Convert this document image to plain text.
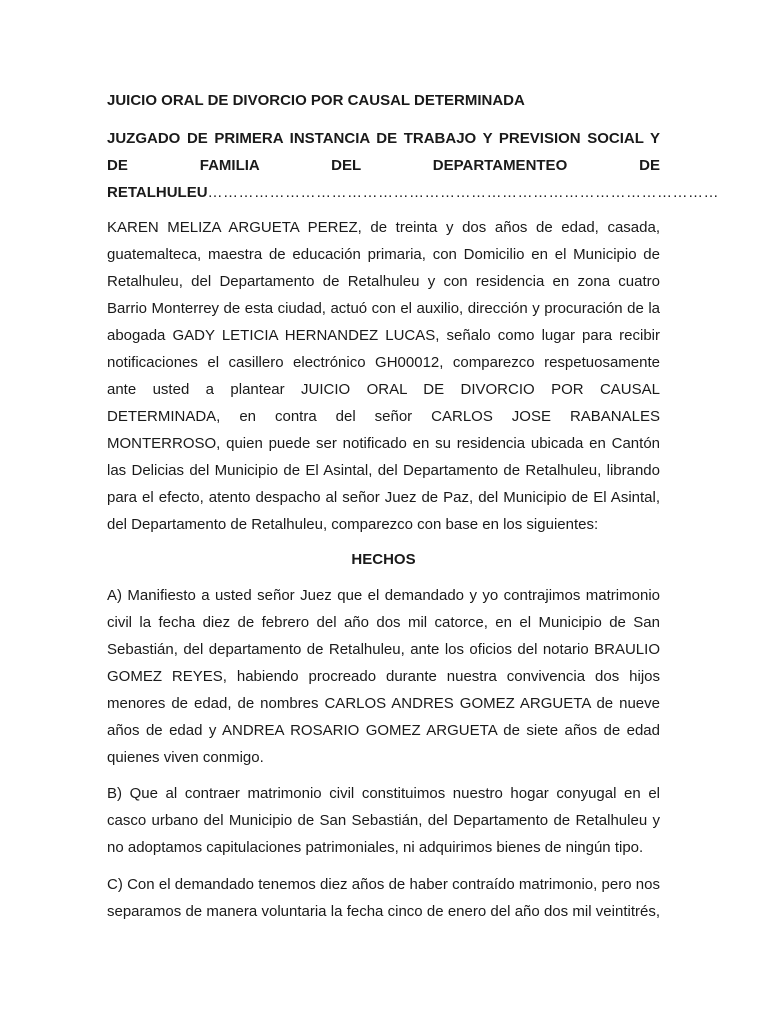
JUICIO ORAL DE DIVORCIO POR CAUSAL DETERMINADA
JUZGADO DE PRIMERA INSTANCIA DE TRABAJO Y PREVISION SOCIAL Y
DE FAMILIA DEL DEPARTAMENTEO DE
RETALHULEU ………………………………………………………………………………………
KAREN MELIZA ARGUETA PEREZ, de treinta y dos años de edad, casada,
guatemalteca, maestra de educación primaria, con Domicilio en el Municipio de
Retalhuleu, del Departamento de Retalhuleu y con residencia en zona cuatro
Barrio Monterrey de esta ciudad, actuó con el auxilio, dirección y procuración de la
abogada GADY LETICIA HERNANDEZ LUCAS, señalo como lugar para recibir
notificaciones el casillero electrónico GH00012, comparezco respetuosamente
ante usted a plantear JUICIO ORAL DE DIVORCIO POR CAUSAL
DETERMINADA, en contra del señor CARLOS JOSE RABANALES
MONTERROSO, quien puede ser notificado en su residencia ubicada en Cantón
las Delicias del Municipio de El Asintal, del Departamento de Retalhuleu, librando
para el efecto, atento despacho al señor Juez de Paz, del Municipio de El Asintal,
del Departamento de Retalhuleu, comparezco con base en los siguientes:
HECHOS
A) Manifiesto a usted señor Juez que el demandado y yo contrajimos matrimonio
civil la fecha diez de febrero del año dos mil catorce, en el Municipio de San
Sebastián, del departamento de Retalhuleu, ante los oficios del notario BRAULIO
GOMEZ REYES, habiendo procreado durante nuestra convivencia dos hijos
menores de edad, de nombres CARLOS ANDRES GOMEZ ARGUETA de nueve
años de edad y ANDREA ROSARIO GOMEZ ARGUETA de siete años de edad
quienes viven conmigo.
B) Que al contraer matrimonio civil constituimos nuestro hogar conyugal en el
casco urbano del Municipio de San Sebastián, del Departamento de Retalhuleu y
no adoptamos capitulaciones patrimoniales, ni adquirimos bienes de ningún tipo.
C) Con el demandado tenemos diez años de haber contraído matrimonio, pero nos
separamos de manera voluntaria la fecha cinco de enero del año dos mil veintitrés,
